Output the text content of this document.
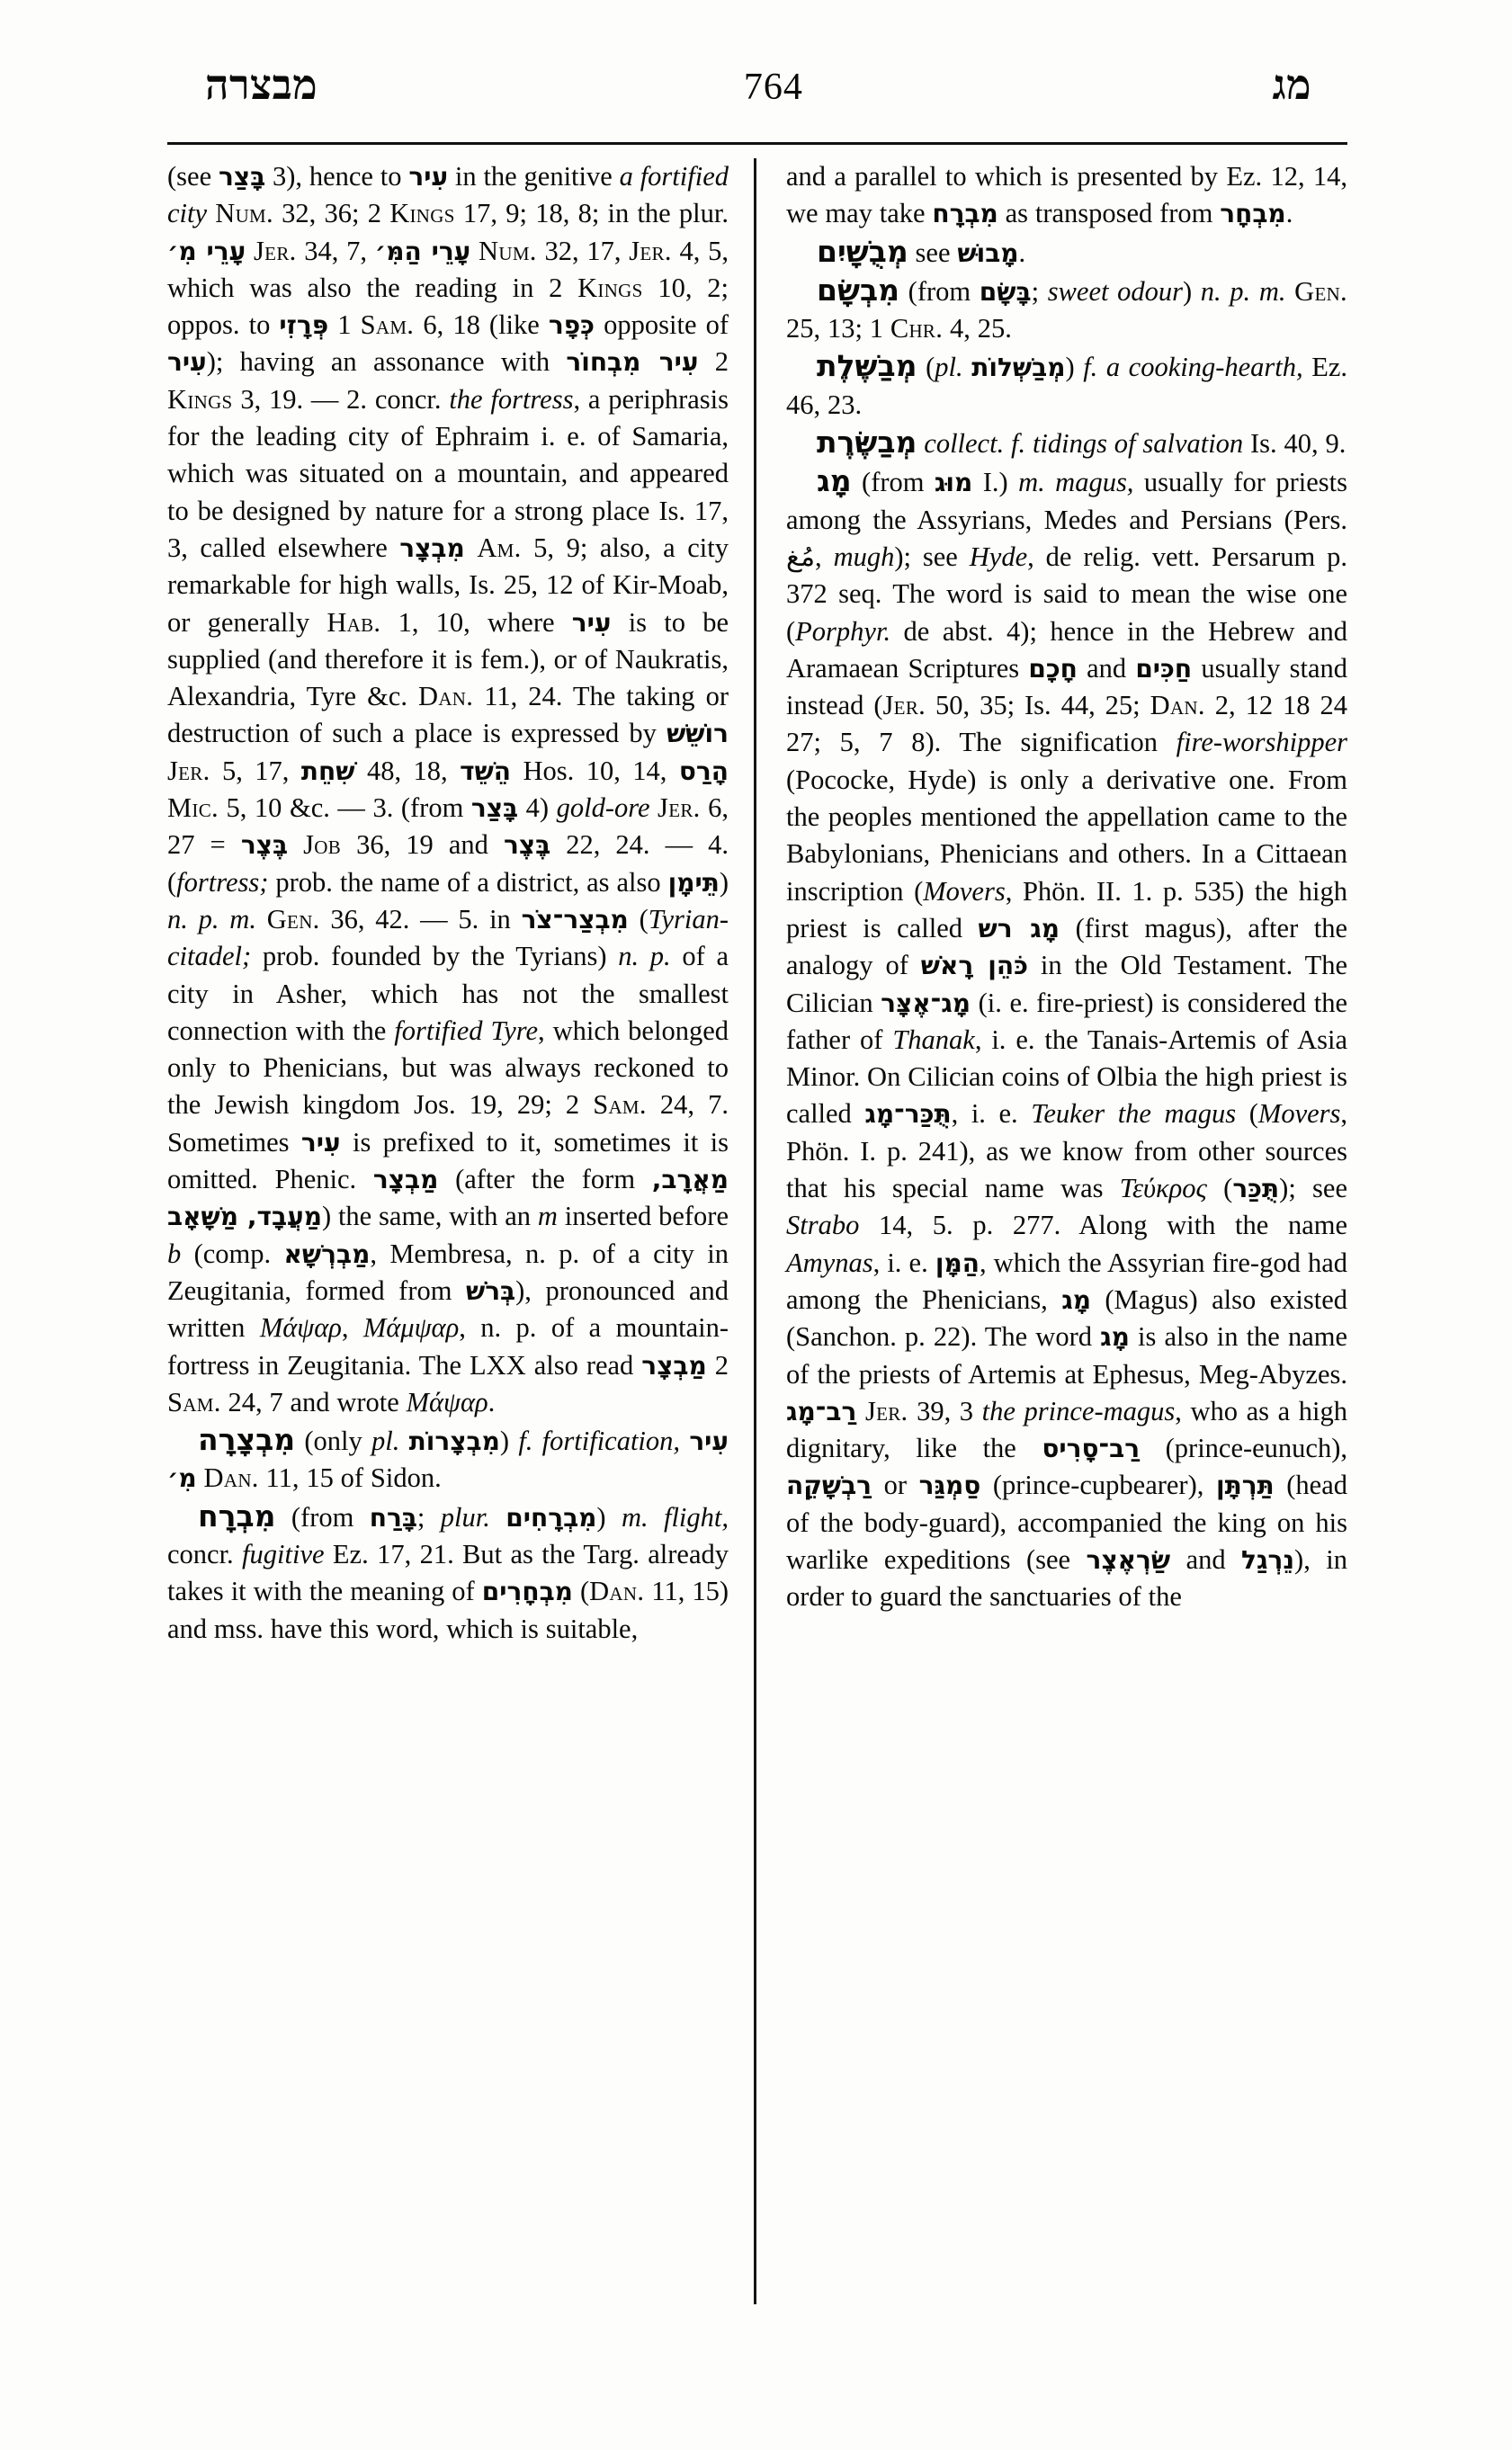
מבצרה	764	מג

(see בָּצַר 3), hence to עִיר in the genitive a fortified city Num. 32, 36; 2 Kings 17, 9; 18, 8; in the plur. עָרֵי מִ׳ Jer. 34, 7, עָרֵי הַמִּ׳ Num. 32, 17, Jer. 4, 5, which was also the reading in 2 Kings 10, 2; oppos. to פְּרָזִי 1 Sam. 6, 18 (like כְּפָר opposite of עִיר); having an assonance with עִיר מִבְחוֹר 2 Kings 3, 19. — 2. concr. the fortress, a periphrasis for the leading city of Ephraim i. e. of Samaria, which was situated on a mountain, and appeared to be designed by nature for a strong place Is. 17, 3, called elsewhere מִבְצָר Am. 5, 9; also, a city remarkable for high walls, Is. 25, 12 of Kir-Moab, or generally Hab. 1, 10, where עִיר is to be supplied (and therefore it is fem.), or of Naukratis, Alexandria, Tyre &c. Dan. 11, 24. The taking or destruction of such a place is expressed by רוֹשֵׁשׁ Jer. 5, 17, שִׁחֵת 48, 18, הֵשֵׁד Hos. 10, 14, הָרַס Mic. 5, 10 &c. — 3. (from בָּצַר 4) gold-ore Jer. 6, 27 = בֶּצֶר Job 36, 19 and בֶּצֶר 22, 24. — 4. (fortress; prob. the name of a district, as also תֵּימָן) n. p. m. Gen. 36, 42. — 5. in מִבְצַר־צֹר (Tyrian-citadel; prob. founded by the Tyrians) n. p. of a city in Asher, which has not the smallest connection with the fortified Tyre, which belonged only to Phenicians, but was always reckoned to the Jewish kingdom Jos. 19, 29; 2 Sam. 24, 7. Sometimes עִיר is prefixed to it, sometimes it is omitted. Phenic. מַבְצָר (after the form מַאֲרָב, מַעֲבָד, מַשָּׁאָב) the same, with an m inserted before b (comp. מַבְרְשָׁא, Membresa, n. p. of a city in Zeugitania, formed from בְּרֹשׁ), pronounced and written Μάψαρ, Μάμψαρ, n. p. of a mountain-fortress in Zeugitania. The LXX also read מַבְצָר 2 Sam. 24, 7 and wrote Μάψαρ.

מִבְצָרָה (only pl. מִבְצָרוֹת) f. fortification, עִיר מִ׳ Dan. 11, 15 of Sidon.

מִבְרָח (from בָּרַח; plur. מִבְרָחִים) m. flight, concr. fugitive Ez. 17, 21. But as the Targ. already takes it with the meaning of מִבְחָרִים (Dan. 11, 15) and mss. have this word, which is suitable,

and a parallel to which is presented by Ez. 12, 14, we may take מִבְרָח as transposed from מִבְחָר.

מְבֻשָׁיִם see מָבוּשׁ.

מִבְשָׂם (from בָּשָׂם; sweet odour) n. p. m. Gen. 25, 13; 1 Chr. 4, 25.

מְבַשֶּׁלֶת (pl. מְבַשְּׁלוֹת) f. a cooking-hearth, Ez. 46, 23.

מְבַשֶּׂרֶת collect. f. tidings of salvation Is. 40, 9.

מָג (from מוּג I.) m. magus, usually for priests among the Assyrians, Medes and Persians (Pers. مُغ, mugh); see Hyde, de relig. vett. Persarum p. 372 seq. The word is said to mean the wise one (Porphyr. de abst. 4); hence in the Hebrew and Aramaean Scriptures חָכָם and חַכִּים usually stand instead (Jer. 50, 35; Is. 44, 25; Dan. 2, 12 18 24 27; 5, 7 8). The signification fire-worshipper (Pococke, Hyde) is only a derivative one. From the peoples mentioned the appellation came to the Babylonians, Phenicians and others. In a Cittaean inscription (Movers, Phön. II. 1. p. 535) the high priest is called מָג רש (first magus), after the analogy of כֹּהֵן רָאֹשׁ in the Old Testament. The Cilician מָג־אֶצָּר (i. e. fire-priest) is considered the father of Thanak, i. e. the Tanais-Artemis of Asia Minor. On Cilician coins of Olbia the high priest is called תֻּכַּר־מָג, i. e. Teuker the magus (Movers, Phön. I. p. 241), as we know from other sources that his special name was Τεύκρος (תֻּכַּר); see Strabo 14, 5. p. 277. Along with the name Amynas, i. e. הַמָּן, which the Assyrian fire-god had among the Phenicians, מָג (Magus) also existed (Sanchon. p. 22). The word מָג is also in the name of the priests of Artemis at Ephesus, Meg-Abyzes. רַב־מָג Jer. 39, 3 the prince-magus, who as a high dignitary, like the רַב־סָרִיס (prince-eunuch), רַבְשָׁקֵה or סַמְגַּר (prince-cupbearer), תַּרְתָּן (head of the body-guard), accompanied the king on his warlike expeditions (see שַׂרְאֶצֶר and נֵרְגַל), in order to guard the sanctuaries of the
